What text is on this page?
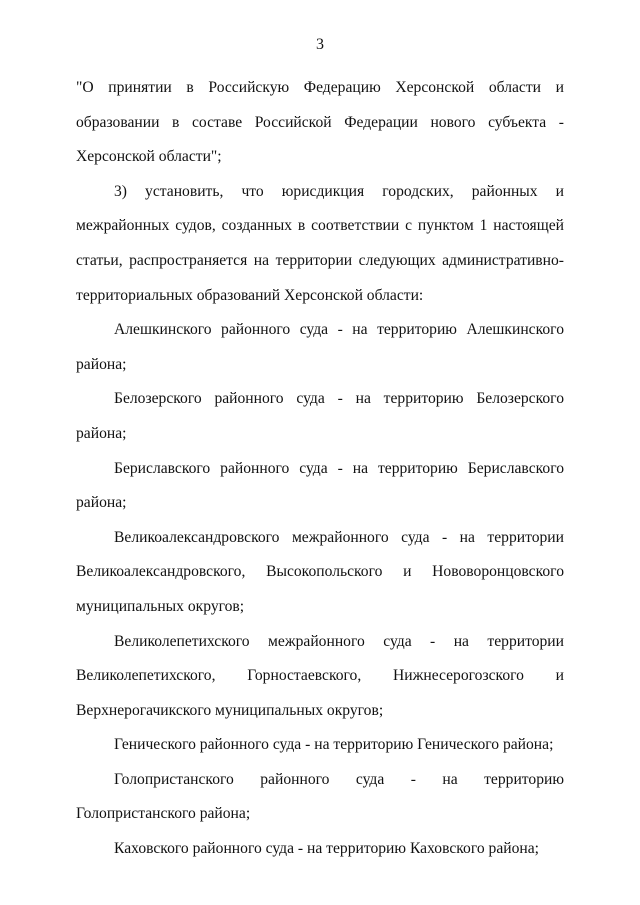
3

"О принятии в Российскую Федерацию Херсонской области и образовании в составе Российской Федерации нового субъекта - Херсонской области";

3) установить, что юрисдикция городских, районных и межрайонных судов, созданных в соответствии с пунктом 1 настоящей статьи, распространяется на территории следующих административно-территориальных образований Херсонской области:

Алешкинского районного суда - на территорию Алешкинского района;

Белозерского районного суда - на территорию Белозерского района;

Бериславского районного суда - на территорию Бериславского района;

Великоалександровского межрайонного суда - на территории Великоалександровского, Высокопольского и Нововоронцовского муниципальных округов;

Великолепетихского межрайонного суда - на территории Великолепетихского, Горностаевского, Нижнесерогозского и Верхнерогачикского муниципальных округов;

Генического районного суда - на территорию Генического района;

Голопристанского районного суда - на территорию Голопристанского района;

Каховского районного суда - на территорию Каховского района;
